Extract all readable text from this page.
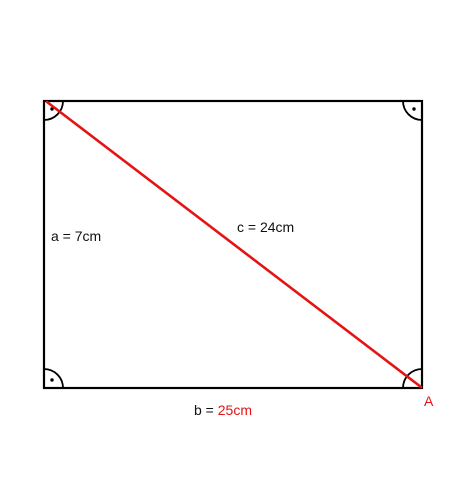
a = 7cm
c = 24cm
b = 25cm
A
